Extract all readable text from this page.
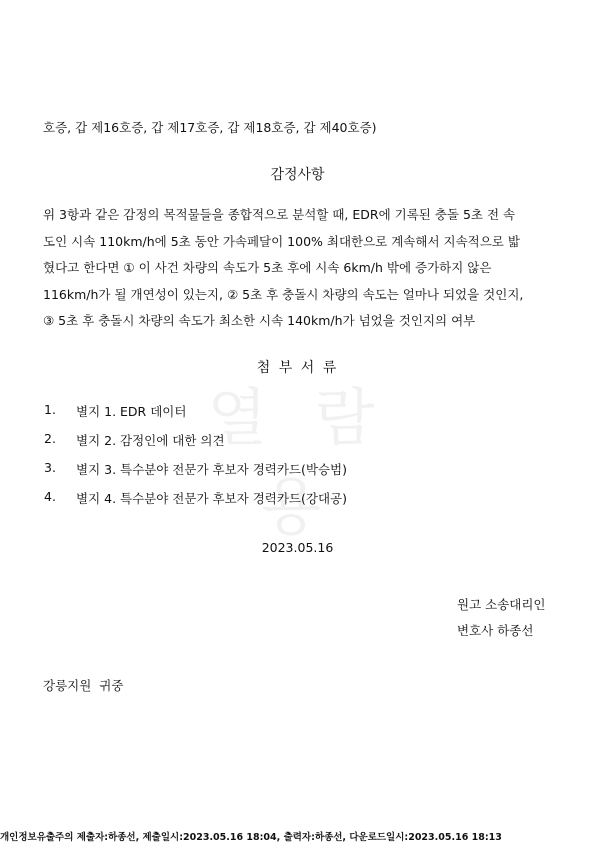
열 람 용
호증, 갑 제16호증, 갑 제17호증, 갑 제18호증, 갑 제40호증)
감정사항
위 3항과 같은 감정의 목적물들을 종합적으로 분석할 때, EDR에 기록된 충돌 5초 전 속
도인 시속 110km/h에 5초 동안 가속페달이 100% 최대한으로 계속해서 지속적으로 밟
혔다고 한다면 ① 이 사건 차량의 속도가 5초 후에 시속 6km/h 밖에 증가하지 않은
116km/h가 될 개연성이 있는지, ② 5초 후 충돌시 차량의 속도는 얼마나 되었을 것인지,
③ 5초 후 충돌시 차량의 속도가 최소한 시속 140km/h가 넘었을 것인지의 여부
첨 부 서 류
1. 별지 1. EDR 데이터
2. 별지 2. 감정인에 대한 의견
3. 별지 3. 특수분야 전문가 후보자 경력카드(박승범)
4. 별지 4. 특수분야 전문가 후보자 경력카드(강대공)
2023.05.16
원고 소송대리인
변호사 하종선
강릉지원  귀중
개인정보유출주의 제출자:하종선, 제출일시:2023.05.16 18:04, 출력자:하종선, 다운로드일시:2023.05.16 18:13
